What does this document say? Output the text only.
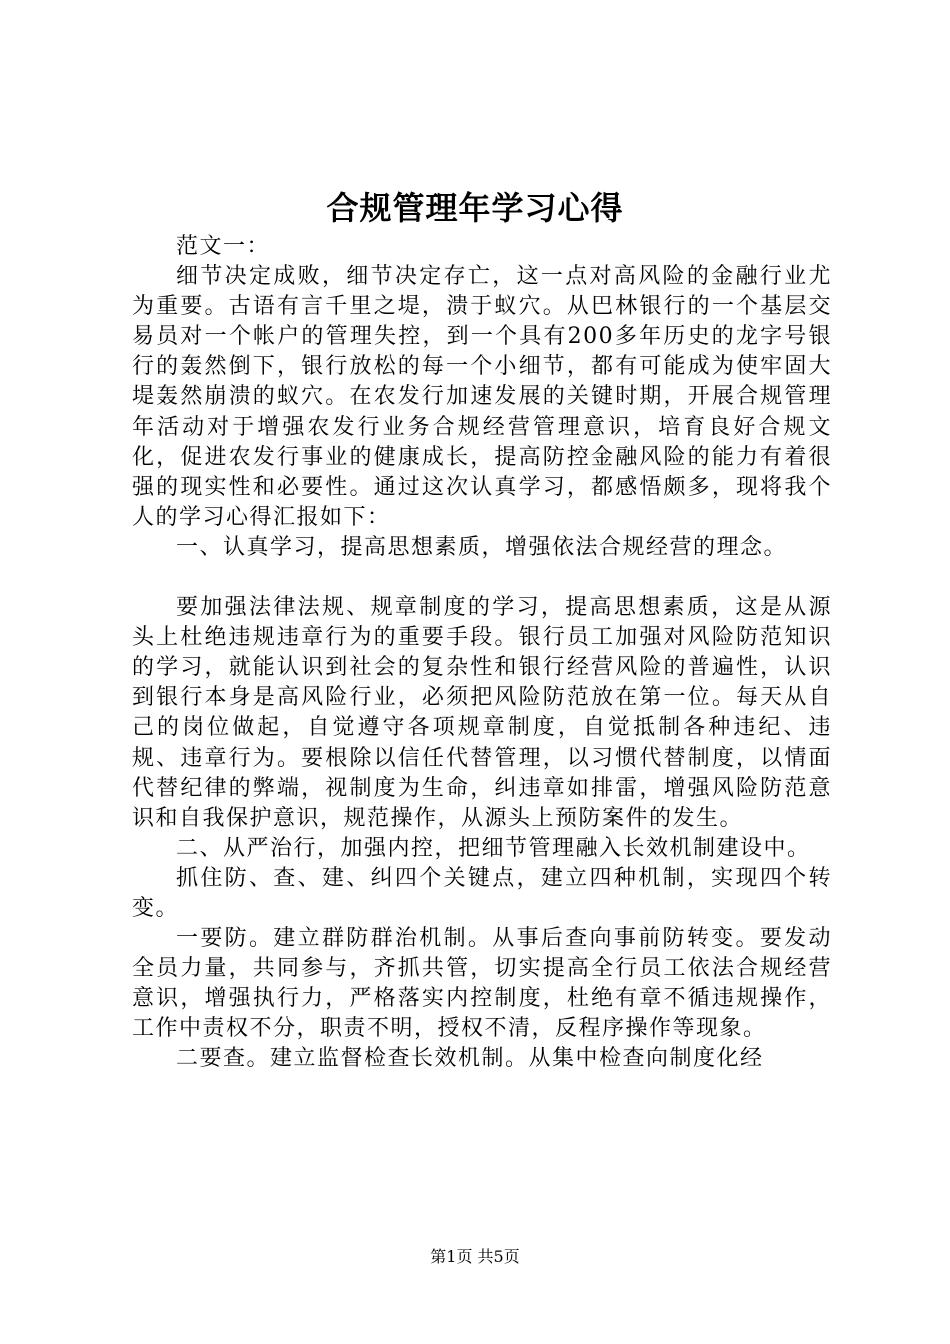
合规管理年学习心得

范文一：

细节决定成败，细节决定存亡，这一点对高风险的金融行业尤为重要。古语有言千里之堤，溃于蚁穴。从巴林银行的一个基层交易员对一个帐户的管理失控，到一个具有200多年历史的龙字号银行的轰然倒下，银行放松的每一个小细节，都有可能成为使牢固大堤轰然崩溃的蚁穴。在农发行加速发展的关键时期，开展合规管理年活动对于增强农发行业务合规经营管理意识，培育良好合规文化，促进农发行事业的健康成长，提高防控金融风险的能力有着很强的现实性和必要性。通过这次认真学习，都感悟颇多，现将我个人的学习心得汇报如下：

一、认真学习，提高思想素质，增强依法合规经营的理念。

要加强法律法规、规章制度的学习，提高思想素质，这是从源头上杜绝违规违章行为的重要手段。银行员工加强对风险防范知识的学习，就能认识到社会的复杂性和银行经营风险的普遍性，认识到银行本身是高风险行业，必须把风险防范放在第一位。每天从自己的岗位做起，自觉遵守各项规章制度，自觉抵制各种违纪、违规、违章行为。要根除以信任代替管理，以习惯代替制度，以情面代替纪律的弊端，视制度为生命，纠违章如排雷，增强风险防范意识和自我保护意识，规范操作，从源头上预防案件的发生。

二、从严治行，加强内控，把细节管理融入长效机制建设中。

抓住防、查、建、纠四个关键点，建立四种机制，实现四个转变。

一要防。建立群防群治机制。从事后查向事前防转变。要发动全员力量，共同参与，齐抓共管，切实提高全行员工依法合规经营意识，增强执行力，严格落实内控制度，杜绝有章不循违规操作，工作中责权不分，职责不明，授权不清，反程序操作等现象。

二要查。建立监督检查长效机制。从集中检查向制度化经

第1页 共5页
